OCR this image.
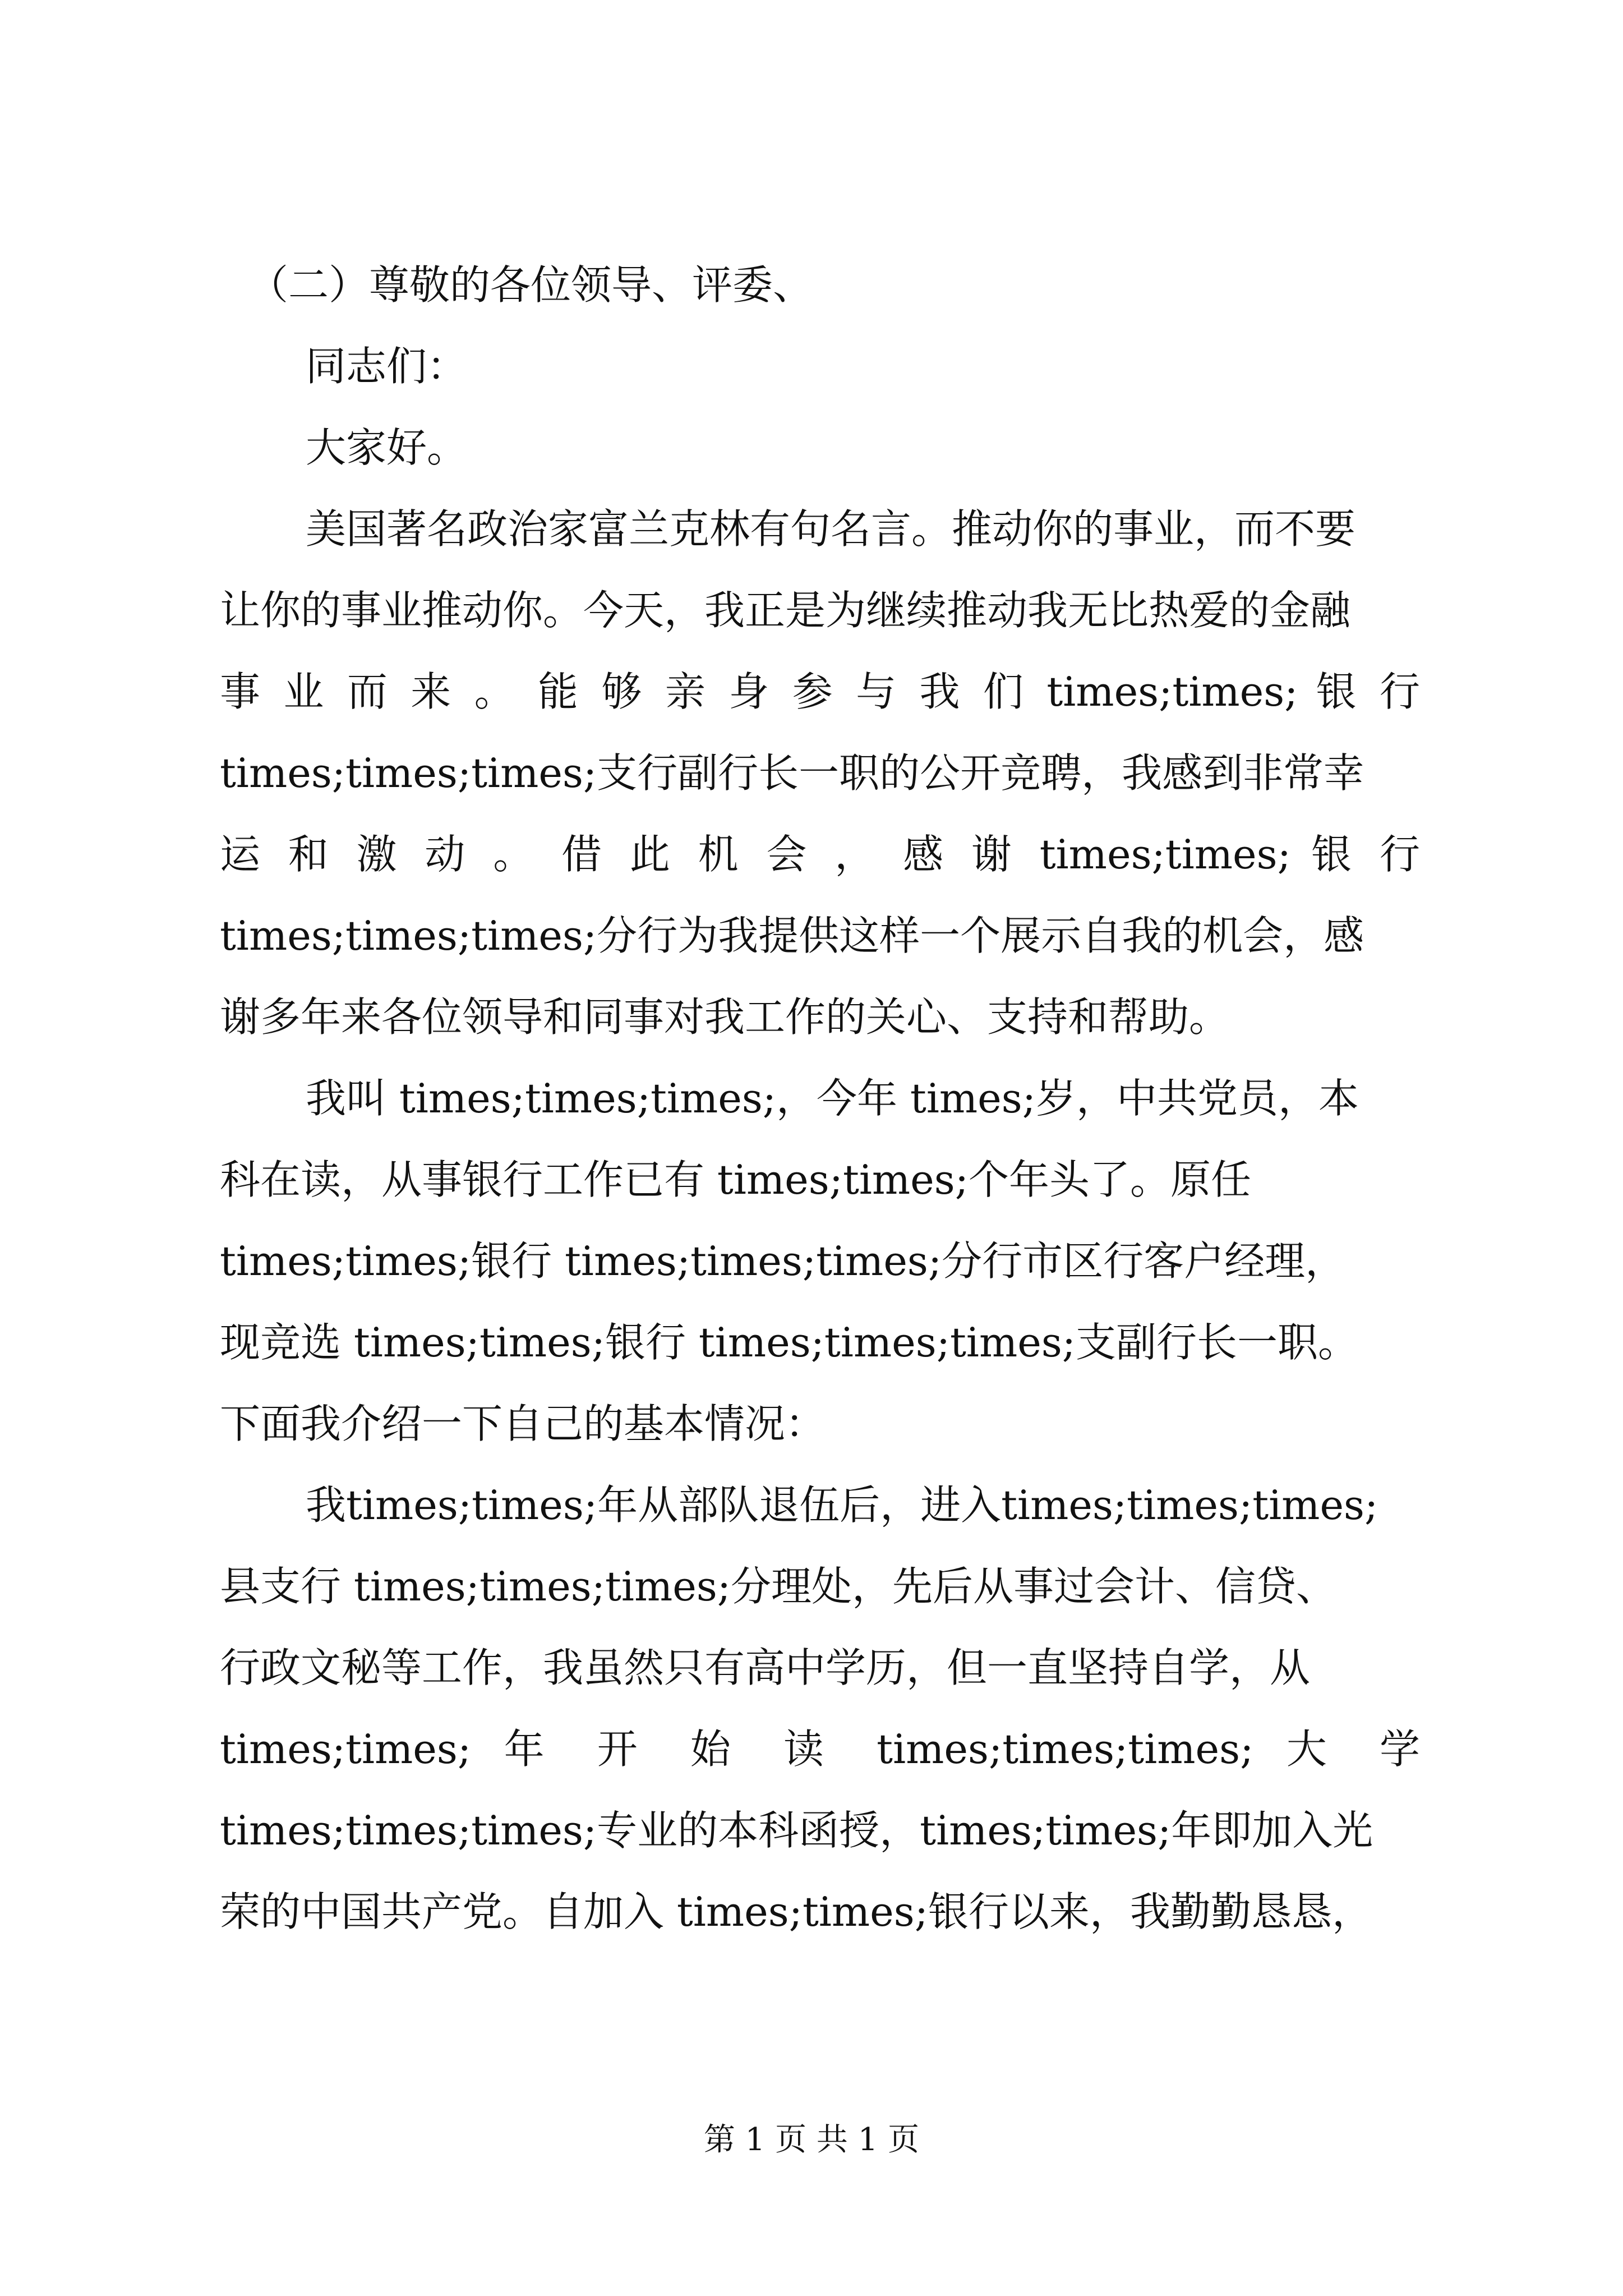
（二）尊敬的各位领导、评委、
同志们：
大家好。
美国著名政治家富兰克林有句名言。推动你的事业，而不要
让你的事业推动你。今天，我正是为继续推动我无比热爱的金融
事 业 而 来 。 能 够 亲 身 参 与 我 们 times;times; 银 行
times;times;times;支行副行长一职的公开竞聘，我感到非常幸
运 和 激 动 。 借 此 机 会 ， 感 谢 times;times; 银 行
times;times;times;分行为我提供这样一个展示自我的机会，感
谢多年来各位领导和同事对我工作的关心、支持和帮助。
我叫 times;times;times;，今年 times;岁，中共党员，本
科在读，从事银行工作已有 times;times;个年头了。原任
times;times;银行 times;times;times;分行市区行客户经理，
现竞选 times;times;银行 times;times;times;支副行长一职。
下面我介绍一下自己的基本情况：
我times;times;年从部队退伍后，进入times;times;times;
县支行 times;times;times;分理处，先后从事过会计、信贷、
行政文秘等工作，我虽然只有高中学历，但一直坚持自学，从
times;times; 年 开 始 读 times;times;times; 大 学
times;times;times;专业的本科函授，times;times;年即加入光
荣的中国共产党。自加入 times;times;银行以来，我勤勤恳恳，
第 1 页 共 1 页
